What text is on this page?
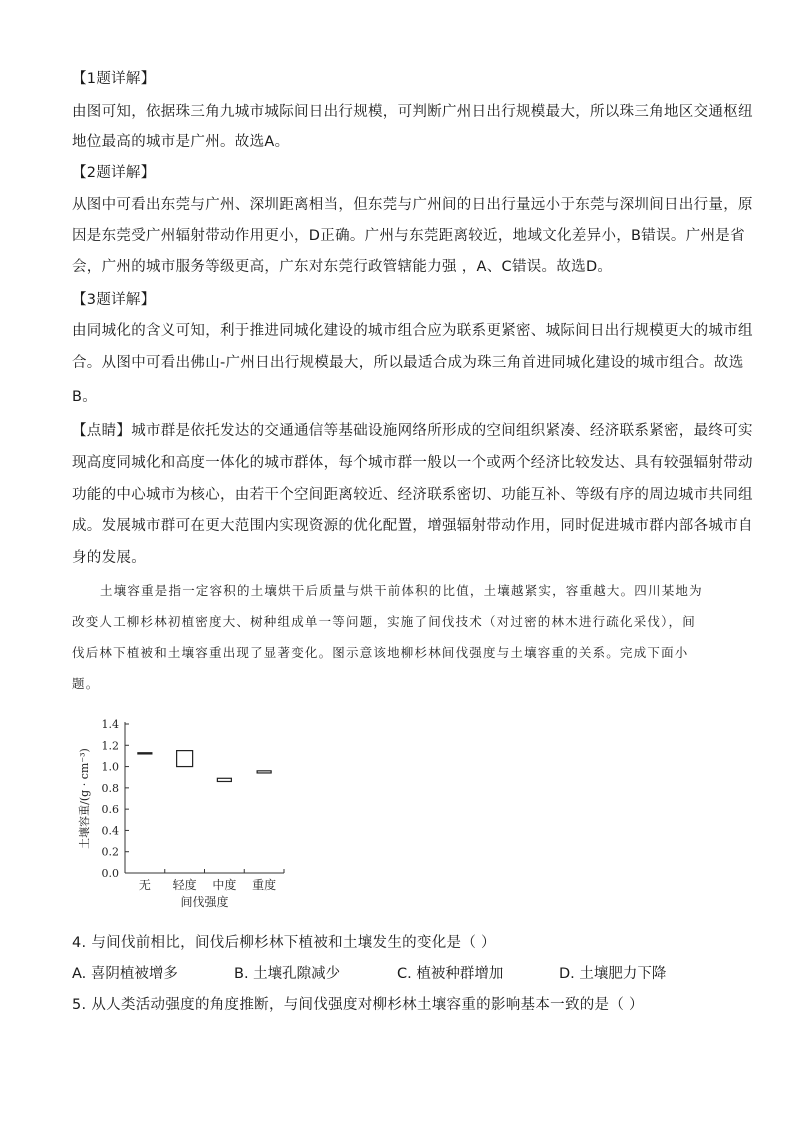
【1题详解】
由图可知，依据珠三角九城市城际间日出行规模，可判断广州日出行规模最大，所以珠三角地区交通枢纽
地位最高的城市是广州。故选A。
【2题详解】
从图中可看出东莞与广州、深圳距离相当，但东莞与广州间的日出行量远小于东莞与深圳间日出行量，原
因是东莞受广州辐射带动作用更小，D正确。广州与东莞距离较近，地域文化差异小，B错误。广州是省
会，广州的城市服务等级更高，广东对东莞行政管辖能力强 ，A、C错误。故选D。
【3题详解】
由同城化的含义可知，利于推进同城化建设的城市组合应为联系更紧密、城际间日出行规模更大的城市组
合。从图中可看出佛山-广州日出行规模最大，所以最适合成为珠三角首进同城化建设的城市组合。故选
B。
【点睛】城市群是依托发达的交通通信等基础设施网络所形成的空间组织紧凑、经济联系紧密，最终可实
现高度同城化和高度一体化的城市群体，每个城市群一般以一个或两个经济比较发达、具有较强辐射带动
功能的中心城市为核心，由若干个空间距离较近、经济联系密切、功能互补、等级有序的周边城市共同组
成。发展城市群可在更大范围内实现资源的优化配置，增强辐射带动作用，同时促进城市群内部各城市自
身的发展。
土壤容重是指一定容积的土壤烘干后质量与烘干前体积的比值，土壤越紧实，容重越大。四川某地为
改变人工柳杉林初植密度大、树种组成单一等问题，实施了间伐技术（对过密的林木进行疏化采伐），间
伐后林下植被和土壤容重出现了显著变化。图示意该地柳杉林间伐强度与土壤容重的关系。完成下面小
题。
0.0
0.2
0.4
0.6
0.8
1.0
1.2
1.4
无 轻度 中度 重度
土壤容重/(g · cm⁻³)
间伐强度
4. 与间伐前相比，间伐后柳杉林下植被和土壤发生的变化是（ ）
A. 喜阴植被增多	B. 土壤孔隙减少	C. 植被种群增加	D. 土壤肥力下降
5. 从人类活动强度的角度推断，与间伐强度对柳杉林土壤容重的影响基本一致的是（ ）
